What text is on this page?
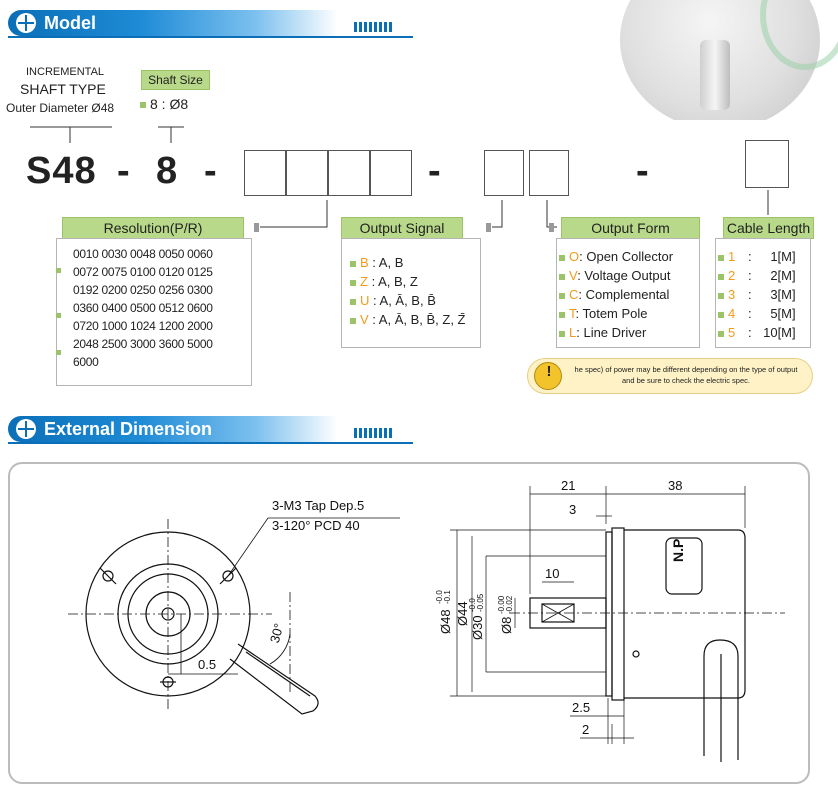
Model
INCREMENTAL
SHAFT TYPE
Outer Diameter Ø48
Shaft Size
8 : Ø8
S48 - 8 -	-	-
Resolution(P/R)
0010 0030 0048 0050 0060
0072 0075 0100 0120 0125
0192 0200 0250 0256 0300
0360 0400 0500 0512 0600
0720 1000 1024 1200 2000
2048 2500 3000 3600 5000
6000
Output Signal
B : A, B
Z : A, B, Z
U : A, Ā, B, B̄
V : A, Ā, B, B̄, Z, Z̄
Output Form
O: Open Collector
V: Voltage Output
C: Complemental
T: Totem Pole
L: Line Driver
Cable Length
1 : 1[M]
2 : 2[M]
3 : 3[M]
4 : 5[M]
5 : 10[M]
!
he spec) of power may be different depending on the type of output
and be sure to check the electric spec.
External Dimension
3-M3 Tap Dep.5
3-120° PCD 40
30°
0.5
21	38
3
10
2.5
2
N.P
Ø48
-0.0 -0.1
Ø44
Ø30
-0.0 -0.05
Ø8
-0.00 -0.02
